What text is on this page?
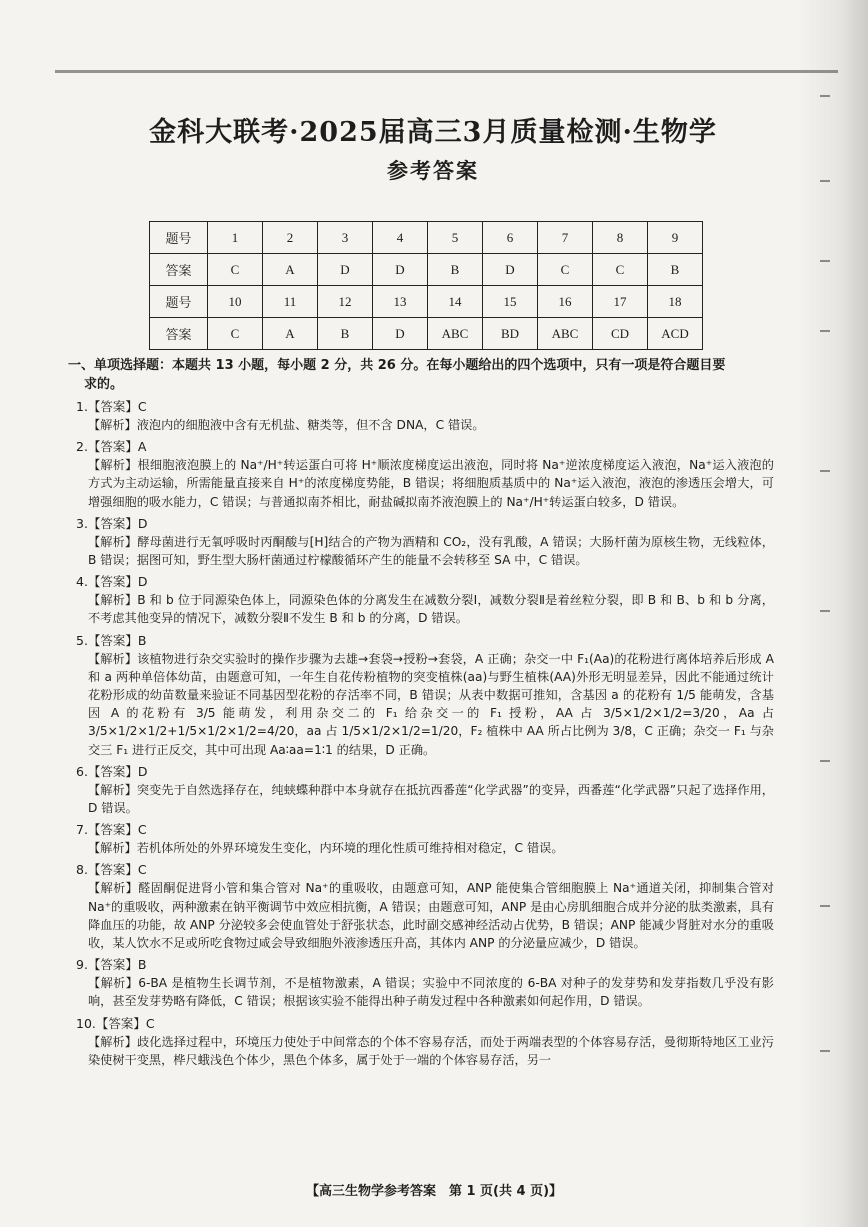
金科大联考·2025届高三3月质量检测·生物学
参考答案
题号	1	2	3	4	5	6	7	8	9
答案	C	A	D	D	B	D	C	C	B
题号	10	11	12	13	14	15	16	17	18
答案	C	A	B	D	ABC	BD	ABC	CD	ACD
一、单项选择题：本题共 13 小题，每小题 2 分，共 26 分。在每小题给出的四个选项中，只有一项是符合题目要
求的。
1.【答案】C

【解析】液泡内的细胞液中含有无机盐、糖类等，但不含 DNA，C 错误。

2.【答案】A

【解析】根细胞液泡膜上的 Na⁺/H⁺转运蛋白可将 H⁺顺浓度梯度运出液泡，同时将 Na⁺逆浓度梯度运入液泡，Na⁺运入液泡的方式为主动运输，所需能量直接来自 H⁺的浓度梯度势能，B 错误；将细胞质基质中的 Na⁺运入液泡，液泡的渗透压会增大，可增强细胞的吸水能力，C 错误；与普通拟南芥相比，耐盐碱拟南芥液泡膜上的 Na⁺/H⁺转运蛋白较多，D 错误。

3.【答案】D

【解析】酵母菌进行无氧呼吸时丙酮酸与[H]结合的产物为酒精和 CO₂，没有乳酸，A 错误；大肠杆菌为原核生物，无线粒体，B 错误；据图可知，野生型大肠杆菌通过柠檬酸循环产生的能量不会转移至 SA 中，C 错误。

4.【答案】D

【解析】B 和 b 位于同源染色体上，同源染色体的分离发生在减数分裂Ⅰ，减数分裂Ⅱ是着丝粒分裂，即 B 和 B、b 和 b 分离，不考虑其他变异的情况下，减数分裂Ⅱ不发生 B 和 b 的分离，D 错误。

5.【答案】B

【解析】该植物进行杂交实验时的操作步骤为去雄→套袋→授粉→套袋，A 正确；杂交一中 F₁(Aa)的花粉进行离体培养后形成 A 和 a 两种单倍体幼苗，由题意可知，一年生自花传粉植物的突变植株(aa)与野生植株(AA)外形无明显差异，因此不能通过统计花粉形成的幼苗数量来验证不同基因型花粉的存活率不同，B 错误；从表中数据可推知，含基因 a 的花粉有 1/5 能萌发，含基因 A 的花粉有 3/5 能萌发，利用杂交二的 F₁ 给杂交一的 F₁ 授粉，AA 占 3/5×1/2×1/2=3/20，Aa 占 3/5×1/2×1/2+1/5×1/2×1/2=4/20，aa 占 1/5×1/2×1/2=1/20，F₂ 植株中 AA 所占比例为 3/8，C 正确；杂交一 F₁ 与杂交三 F₁ 进行正反交，其中可出现 Aa∶aa=1∶1 的结果，D 正确。

6.【答案】D

【解析】突变先于自然选择存在，纯蛱蝶种群中本身就存在抵抗西番莲“化学武器”的变异，西番莲“化学武器”只起了选择作用，D 错误。

7.【答案】C

【解析】若机体所处的外界环境发生变化，内环境的理化性质可维持相对稳定，C 错误。

8.【答案】C

【解析】醛固酮促进肾小管和集合管对 Na⁺的重吸收，由题意可知，ANP 能使集合管细胞膜上 Na⁺通道关闭，抑制集合管对 Na⁺的重吸收，两种激素在钠平衡调节中效应相抗衡，A 错误；由题意可知，ANP 是由心房肌细胞合成并分泌的肽类激素，具有降血压的功能，故 ANP 分泌较多会使血管处于舒张状态，此时副交感神经活动占优势，B 错误；ANP 能减少肾脏对水分的重吸收，某人饮水不足或所吃食物过咸会导致细胞外液渗透压升高，其体内 ANP 的分泌量应减少，D 错误。

9.【答案】B

【解析】6-BA 是植物生长调节剂，不是植物激素，A 错误；实验中不同浓度的 6-BA 对种子的发芽势和发芽指数几乎没有影响，甚至发芽势略有降低，C 错误；根据该实验不能得出种子萌发过程中各种激素如何起作用，D 错误。

10.【答案】C

【解析】歧化选择过程中，环境压力使处于中间常态的个体不容易存活，而处于两端表型的个体容易存活，曼彻斯特地区工业污染使树干变黑，桦尺蛾浅色个体少，黑色个体多，属于处于一端的个体容易存活，另一

【高三生物学参考答案　第 1 页(共 4 页)】
